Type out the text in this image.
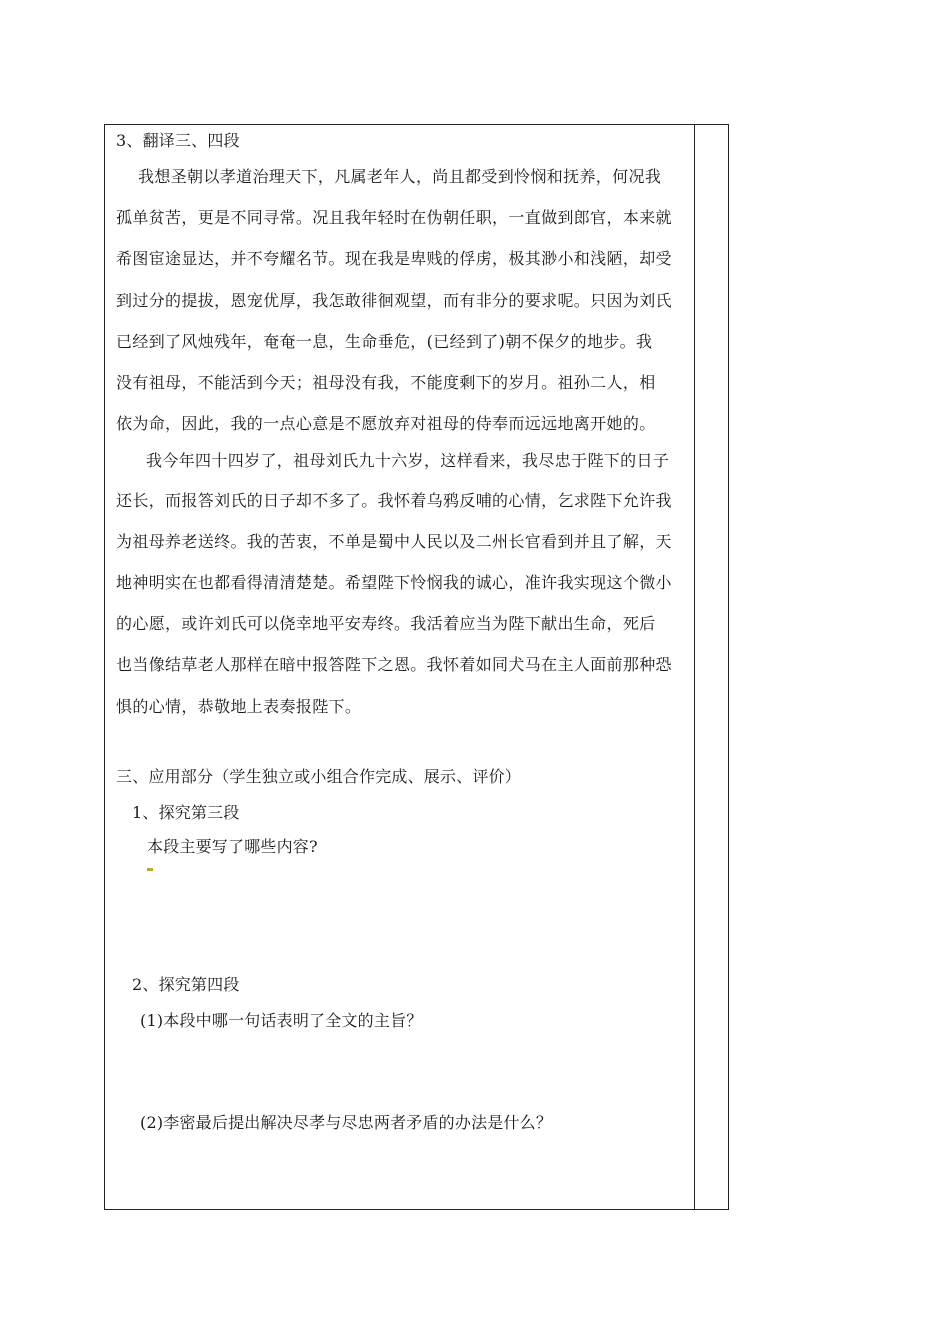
3、翻译三、四段
我想圣朝以孝道治理天下，凡属老年人，尚且都受到怜悯和抚养，何况我
孤单贫苦，更是不同寻常。况且我年轻时在伪朝任职，一直做到郎官，本来就
希图宦途显达，并不夸耀名节。现在我是卑贱的俘虏，极其渺小和浅陋，却受
到过分的提拔，恩宠优厚，我怎敢徘徊观望，而有非分的要求呢。只因为刘氏
已经到了风烛残年，奄奄一息，生命垂危，(已经到了)朝不保夕的地步。我
没有祖母，不能活到今天；祖母没有我，不能度剩下的岁月。祖孙二人，相
依为命，因此，我的一点心意是不愿放弃对祖母的侍奉而远远地离开她的。
我今年四十四岁了，祖母刘氏九十六岁，这样看来，我尽忠于陛下的日子
还长，而报答刘氏的日子却不多了。我怀着乌鸦反哺的心情，乞求陛下允许我
为祖母养老送终。我的苦衷，不单是蜀中人民以及二州长官看到并且了解，天
地神明实在也都看得清清楚楚。希望陛下怜悯我的诚心，准许我实现这个微小
的心愿，或许刘氏可以侥幸地平安寿终。我活着应当为陛下献出生命，死后
也当像结草老人那样在暗中报答陛下之恩。我怀着如同犬马在主人面前那种恐
惧的心情，恭敬地上表奏报陛下。
三、应用部分（学生独立或小组合作完成、展示、评价）
1、探究第三段
本段主要写了哪些内容?
2、探究第四段
(1)本段中哪一句话表明了全文的主旨？
(2)李密最后提出解决尽孝与尽忠两者矛盾的办法是什么？
